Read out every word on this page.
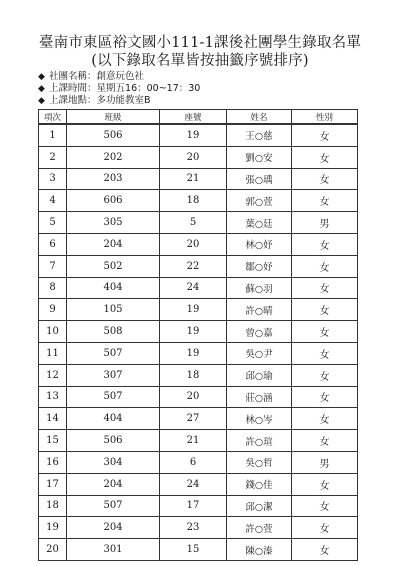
臺南市東區裕文國小111-1課後社團學生錄取名單
(以下錄取名單皆按抽籤序號排序)
◆ 社團名稱：創意玩色社
◆ 上課時間：星期五16：00~17：30
◆ 上課地點：多功能教室B
項次	班級	座號	姓名	性別
1	506	19	王○慈	女
2	202	20	劉○安	女
3	203	21	張○瑀	女
4	606	18	郭○萱	女
5	305	5	葉○廷	男
6	204	20	林○妤	女
7	502	22	鄒○妤	女
8	404	24	蘇○羽	女
9	105	19	許○晴	女
10	508	19	曾○嘉	女
11	507	19	吳○尹	女
12	307	18	邱○瑜	女
13	507	20	莊○涵	女
14	404	27	林○岑	女
15	506	21	許○瑄	女
16	304	6	吳○哲	男
17	204	24	錢○佳	女
18	507	17	邱○潔	女
19	204	23	許○萱	女
20	301	15	陳○溱	女
